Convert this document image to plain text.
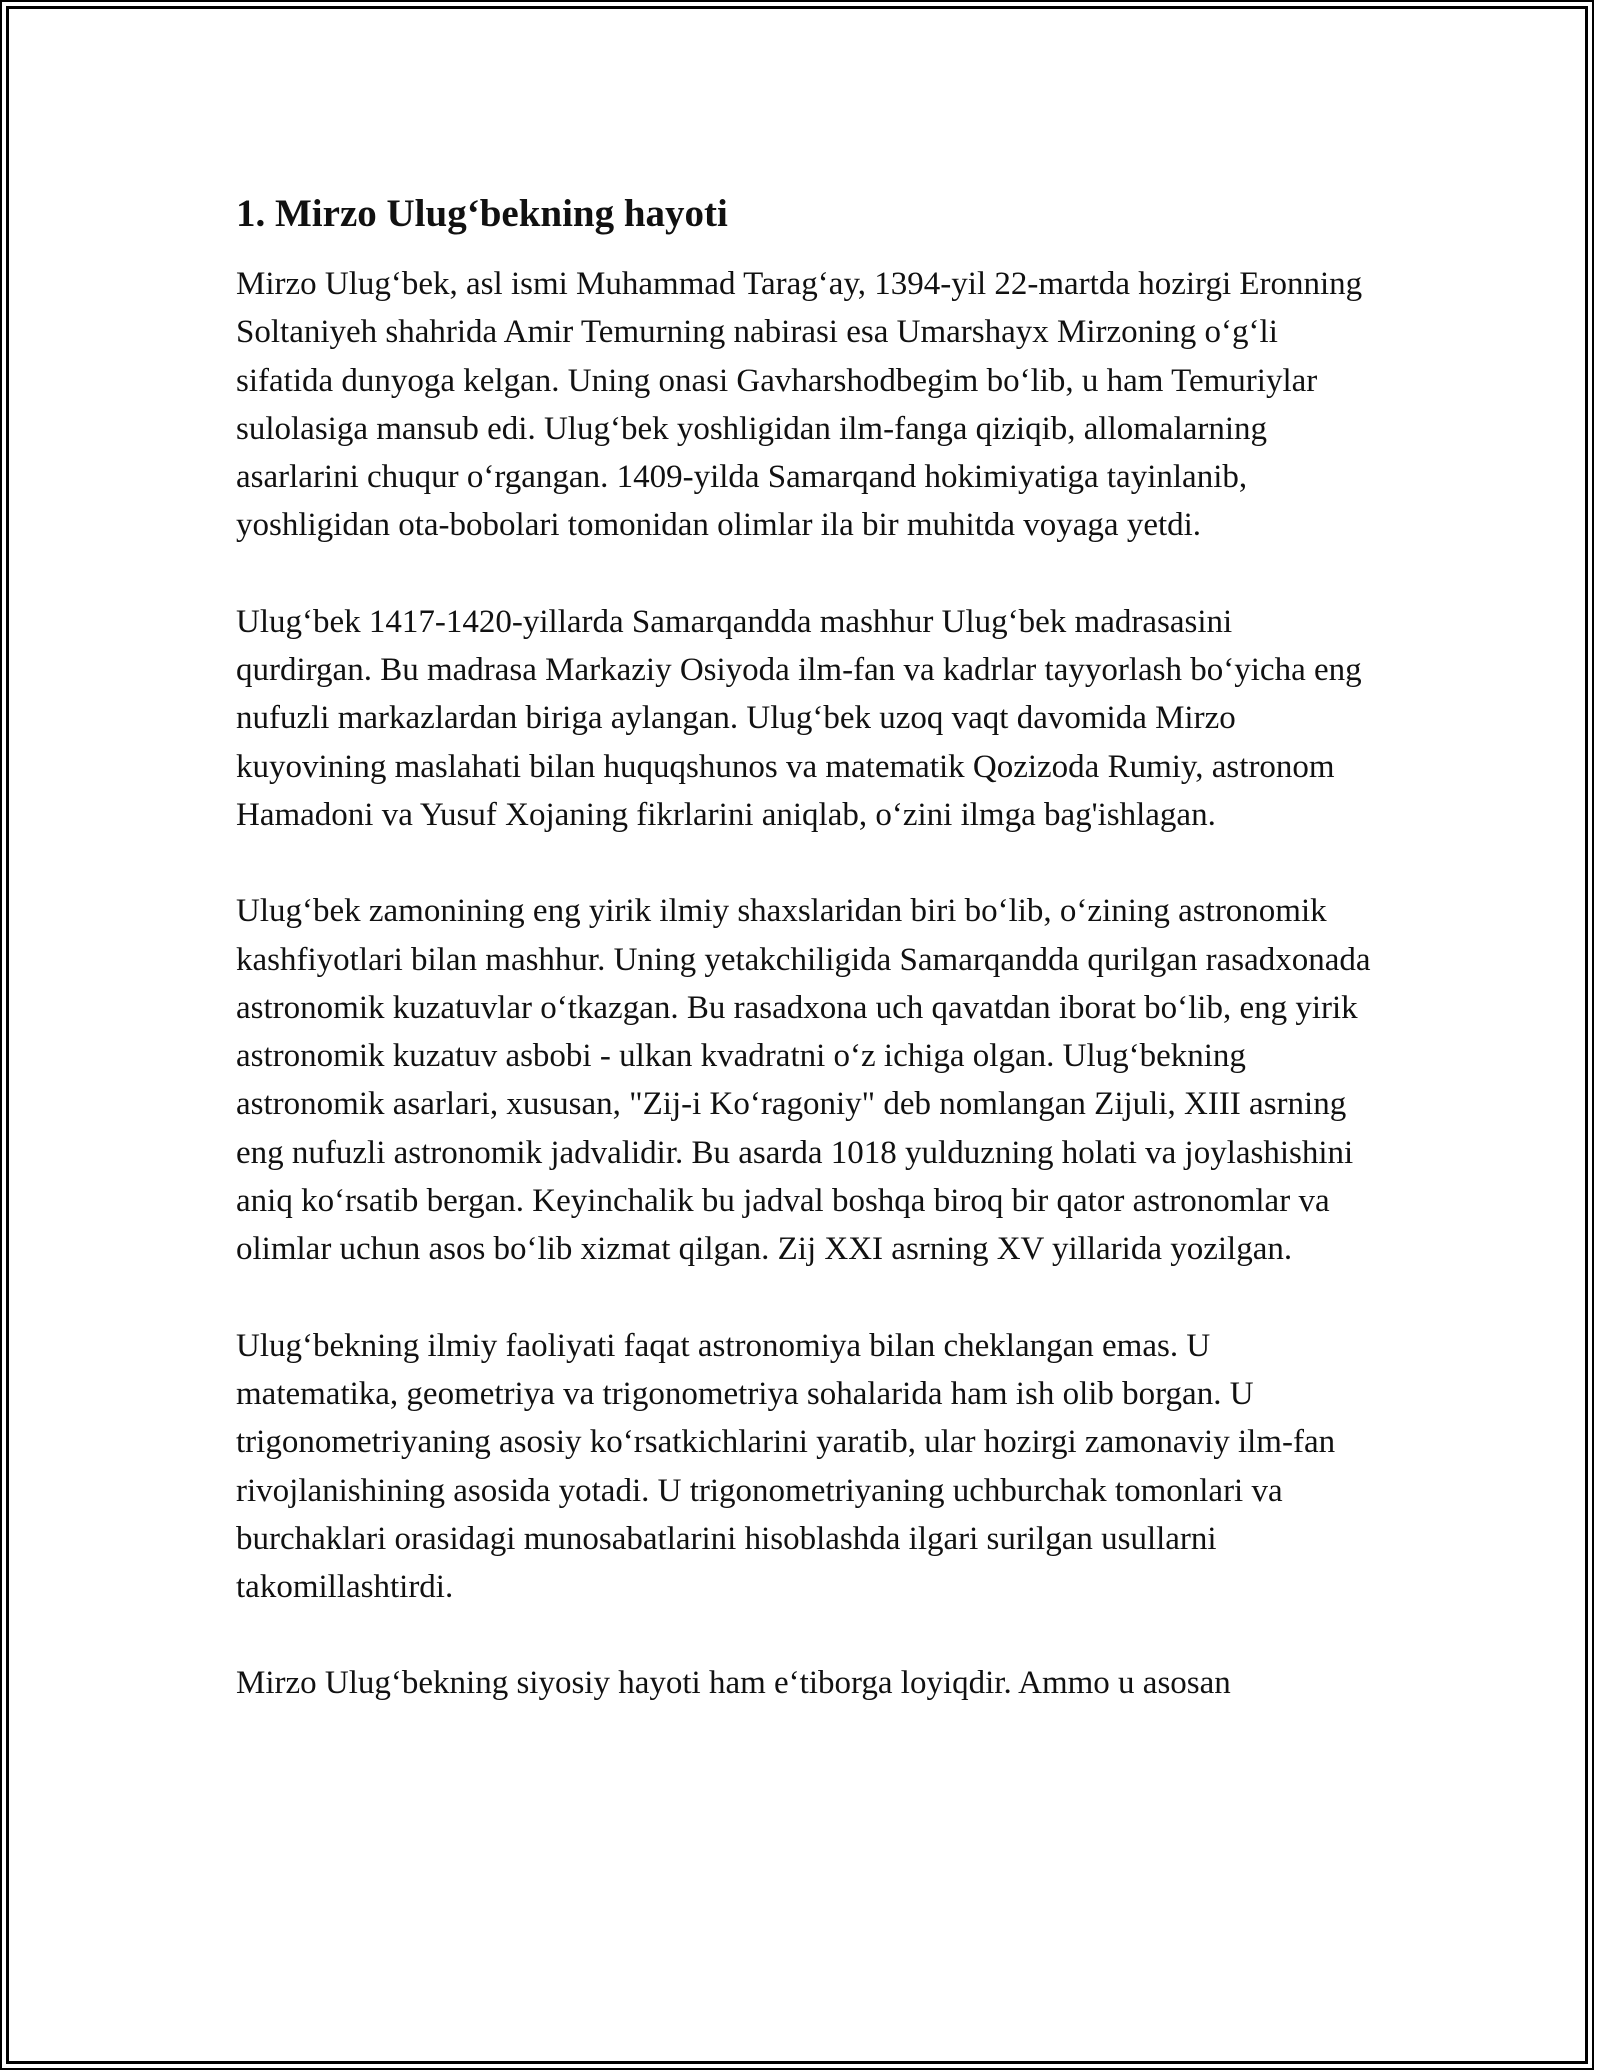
1. Mirzo Ulug‘bekning hayoti

Mirzo Ulug‘bek, asl ismi Muhammad Tarag‘ay, 1394-yil 22-martda hozirgi Eronning Soltaniyeh shahrida Amir Temurning nabirasi esa Umarshayx Mirzoning o‘g‘li sifatida dunyoga kelgan. Uning onasi Gavharshodbegim bo‘lib, u ham Temuriylar sulolasiga mansub edi. Ulug‘bek yoshligidan ilm-fanga qiziqib, allomalarning asarlarini chuqur o‘rgangan. 1409-yilda Samarqand hokimiyatiga tayinlanib, yoshligidan ota-bobolari tomonidan olimlar ila bir muhitda voyaga yetdi.

Ulug‘bek 1417-1420-yillarda Samarqandda mashhur Ulug‘bek madrasasini qurdirgan. Bu madrasa Markaziy Osiyoda ilm-fan va kadrlar tayyorlash bo‘yicha eng nufuzli markazlardan biriga aylangan. Ulug‘bek uzoq vaqt davomida Mirzo kuyovining maslahati bilan huquqshunos va matematik Qozizoda Rumiy, astronom Hamadoni va Yusuf Xojaning fikrlarini aniqlab, o‘zini ilmga bag'ishlagan.

Ulug‘bek zamonining eng yirik ilmiy shaxslaridan biri bo‘lib, o‘zining astronomik kashfiyotlari bilan mashhur. Uning yetakchiligida Samarqandda qurilgan rasadxonada astronomik kuzatuvlar o‘tkazgan. Bu rasadxona uch qavatdan iborat bo‘lib, eng yirik astronomik kuzatuv asbobi - ulkan kvadratni o‘z ichiga olgan. Ulug‘bekning astronomik asarlari, xususan, "Zij-i Ko‘ragoniy" deb nomlangan Zijuli, XIII asrning eng nufuzli astronomik jadvalidir. Bu asarda 1018 yulduzning holati va joylashishini aniq ko‘rsatib bergan. Keyinchalik bu jadval boshqa biroq bir qator astronomlar va olimlar uchun asos bo‘lib xizmat qilgan. Zij XXI asrning XV yillarida yozilgan.

Ulug‘bekning ilmiy faoliyati faqat astronomiya bilan cheklangan emas. U matematika, geometriya va trigonometriya sohalarida ham ish olib borgan. U trigonometriyaning asosiy ko‘rsatkichlarini yaratib, ular hozirgi zamonaviy ilm-fan rivojlanishining asosida yotadi. U trigonometriyaning uchburchak tomonlari va burchaklari orasidagi munosabatlarini hisoblashda ilgari surilgan usullarni takomillashtirdi.

Mirzo Ulug‘bekning siyosiy hayoti ham e‘tiborga loyiqdir. Ammo u asosan
